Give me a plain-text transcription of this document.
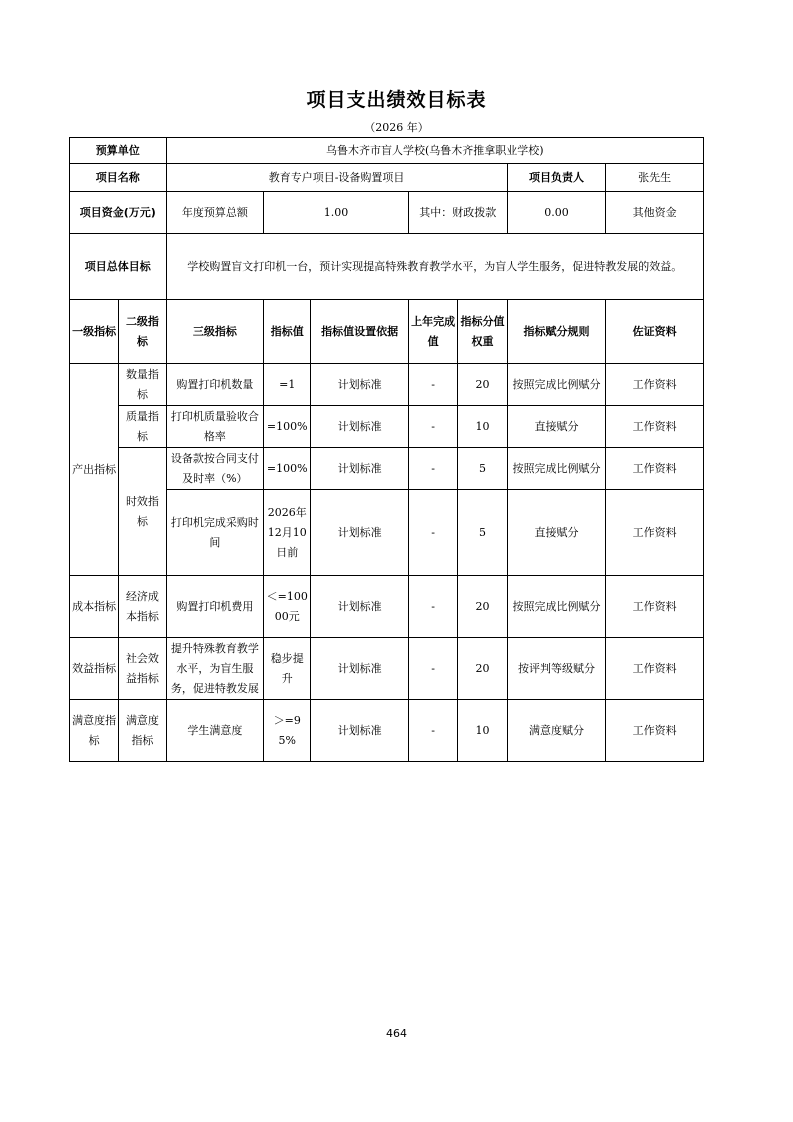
项目支出绩效目标表
（2026 年）
预算单位		乌鲁木齐市盲人学校(乌鲁木齐推拿职业学校)						
项目名称		教育专户项目-设备购置项目					项目负责人	张先生
项目资金(万元)		年度预算总额	1.00		其中：财政拨款		0.00	其他资金
项目总体目标		学校购置盲文打印机一台，预计实现提高特殊教育教学水平，为盲人学生服务，促进特教发展的效益。						
一级指标	二级指标	三级指标	指标值	指标值设置依据	上年完成值	指标分值权重	指标赋分规则	佐证资料
产出指标	数量指标	购置打印机数量	=1	计划标准	-	20	按照完成比例赋分	工作资料
	质量指标	打印机质量验收合格率	=100%	计划标准	-	10	直接赋分	工作资料
	时效指标	设备款按合同支付及时率（%）	=100%	计划标准	-	5	按照完成比例赋分	工作资料
		打印机完成采购时间	2026年12月10日前	计划标准	-	5	直接赋分	工作资料
成本指标	经济成本指标	购置打印机费用	＜=10000元	计划标准	-	20	按照完成比例赋分	工作资料
效益指标	社会效益指标	提升特殊教育教学水平，为盲生服务，促进特教发展	稳步提升	计划标准	-	20	按评判等级赋分	工作资料
满意度指标	满意度指标	学生满意度	＞=95%	计划标准	-	10	满意度赋分	工作资料
464
